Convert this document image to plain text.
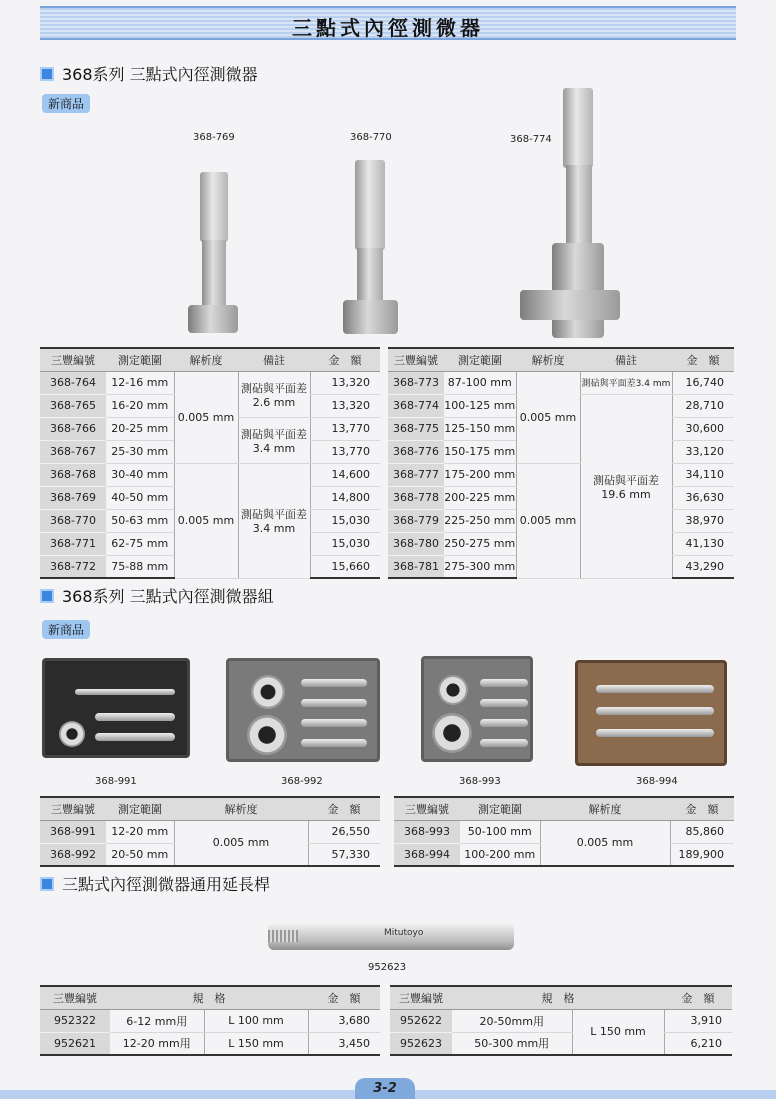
三點式內徑測微器
368系列 三點式內徑測微器
新商品
368-769	368-770	368-774
三豐編號	測定範圍	解析度	備註	金　額
368-764	12-16 mm	0.005 mm	測砧與平面差
2.6 mm	13,320
368-765	16-20 mm			13,320
368-766	20-25 mm		測砧與平面差
3.4 mm	13,770
368-767	25-30 mm			13,770
368-768	30-40 mm	0.005 mm	測砧與平面差
3.4 mm	14,600
368-769	40-50 mm			14,800
368-770	50-63 mm			15,030
368-771	62-75 mm			15,030
368-772	75-88 mm			15,660
三豐編號	測定範圍	解析度	備註	金　額
368-773	87-100 mm	0.005 mm	測砧與平面差3.4 mm	16,740
368-774	100-125 mm		測砧與平面差
19.6 mm	28,710
368-775	125-150 mm			30,600
368-776	150-175 mm			33,120
368-777	175-200 mm	0.005 mm		34,110
368-778	200-225 mm			36,630
368-779	225-250 mm			38,970
368-780	250-275 mm			41,130
368-781	275-300 mm			43,290
368系列 三點式內徑測微器組
新商品
368-991	368-992	368-993	368-994
三豐編號	測定範圍	解析度	金　額
368-991	12-20 mm	0.005 mm	26,550
368-992	20-50 mm		57,330
三豐編號	測定範圍	解析度	金　額
368-993	50-100 mm	0.005 mm	85,860
368-994	100-200 mm		189,900
三點式內徑測微器通用延長桿
Mitutoyo
952623
三豐編號	規　格		金　額
952322	6-12 mm用	L 100 mm	3,680
952621	12-20 mm用	L 150 mm	3,450
三豐編號	規　格		金　額
952622	20-50mm用	L 150 mm	3,910
952623	50-300 mm用		6,210
3-2
